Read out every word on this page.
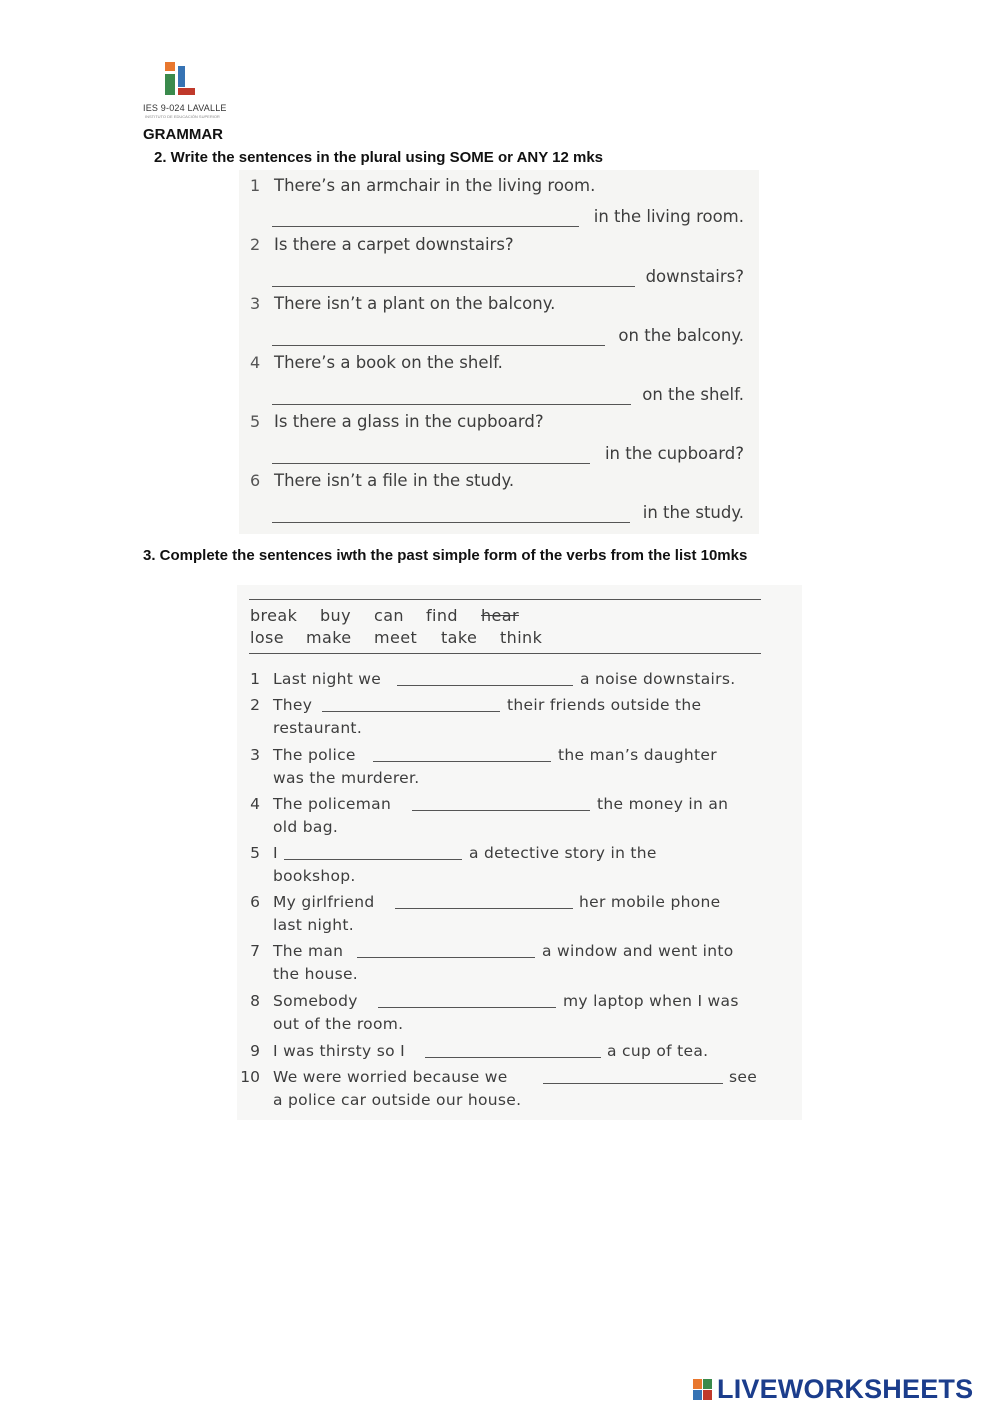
IES 9-024 LAVALLE
INSTITUTO DE EDUCACIÓN SUPERIOR
GRAMMAR
2. Write the sentences in the plural using SOME or ANY 12 mks
1 There’s an armchair in the living room.
in the living room.
2 Is there a carpet downstairs?
downstairs?
3 There isn’t a plant on the balcony.
on the balcony.
4 There’s a book on the shelf.
on the shelf.
5 Is there a glass in the cupboard?
in the cupboard?
6 There isn’t a file in the study.
in the study.
3. Complete the sentences iwth the past simple form of the verbs from the list 10mks
break buy can find hear
lose make meet take think
1 Last night we	a noise downstairs.
2 They	their friends outside the
restaurant.
3 The police	the man’s daughter
was the murderer.
4 The policeman	the money in an
old bag.
5 I	a detective story in the
bookshop.
6 My girlfriend	her mobile phone
last night.
7 The man	a window and went into
the house.
8 Somebody	my laptop when I was
out of the room.
9 I was thirsty so I	a cup of tea.
10 We were worried because we	see
a police car outside our house.
LIVEWORKSHEETS
